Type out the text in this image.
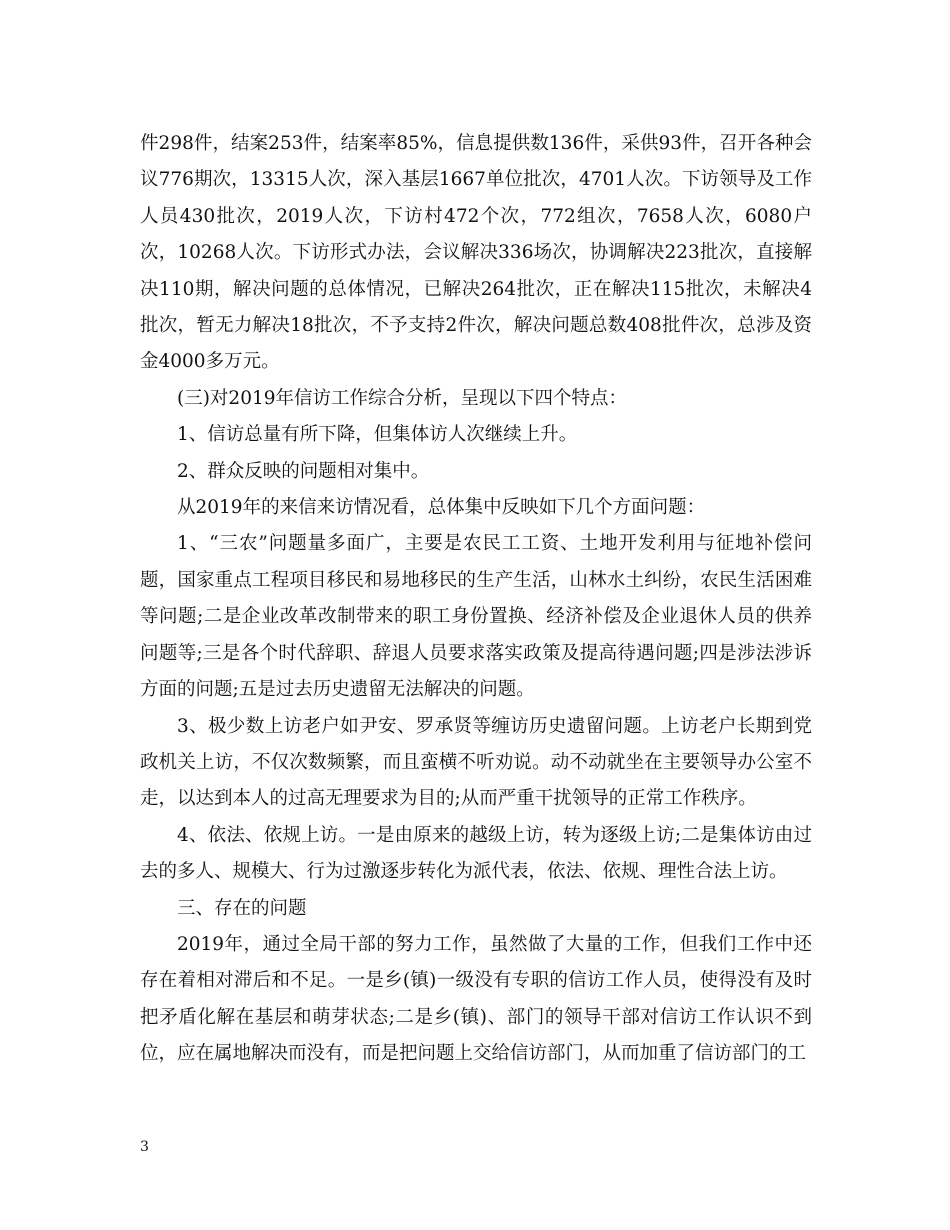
件298件，结案253件，结案率85%，信息提供数136件，采供93件，召开各种会议776期次，13315人次，深入基层1667单位批次，4701人次。下访领导及工作人员430批次，2019人次，下访村472个次，772组次，7658人次，6080户次，10268人次。下访形式办法，会议解决336场次，协调解决223批次，直接解决110期，解决问题的总体情况，已解决264批次，正在解决115批次，未解决4批次，暂无力解决18批次，不予支持2件次，解决问题总数408批件次，总涉及资金4000多万元。

(三)对2019年信访工作综合分析，呈现以下四个特点：

1、信访总量有所下降，但集体访人次继续上升。

2、群众反映的问题相对集中。

从2019年的来信来访情况看，总体集中反映如下几个方面问题：

1、“三农”问题量多面广，主要是农民工工资、土地开发利用与征地补偿问题，国家重点工程项目移民和易地移民的生产生活，山林水土纠纷，农民生活困难等问题;二是企业改革改制带来的职工身份置换、经济补偿及企业退休人员的供养问题等;三是各个时代辞职、辞退人员要求落实政策及提高待遇问题;四是涉法涉诉方面的问题;五是过去历史遗留无法解决的问题。

3、极少数上访老户如尹安、罗承贤等缠访历史遗留问题。上访老户长期到党政机关上访，不仅次数频繁，而且蛮横不听劝说。动不动就坐在主要领导办公室不走，以达到本人的过高无理要求为目的;从而严重干扰领导的正常工作秩序。

4、依法、依规上访。一是由原来的越级上访，转为逐级上访;二是集体访由过去的多人、规模大、行为过激逐步转化为派代表，依法、依规、理性合法上访。

三、存在的问题

2019年，通过全局干部的努力工作，虽然做了大量的工作，但我们工作中还存在着相对滞后和不足。一是乡(镇)一级没有专职的信访工作人员，使得没有及时把矛盾化解在基层和萌芽状态;二是乡(镇)、部门的领导干部对信访工作认识不到位，应在属地解决而没有，而是把问题上交给信访部门，从而加重了信访部门的工

3
